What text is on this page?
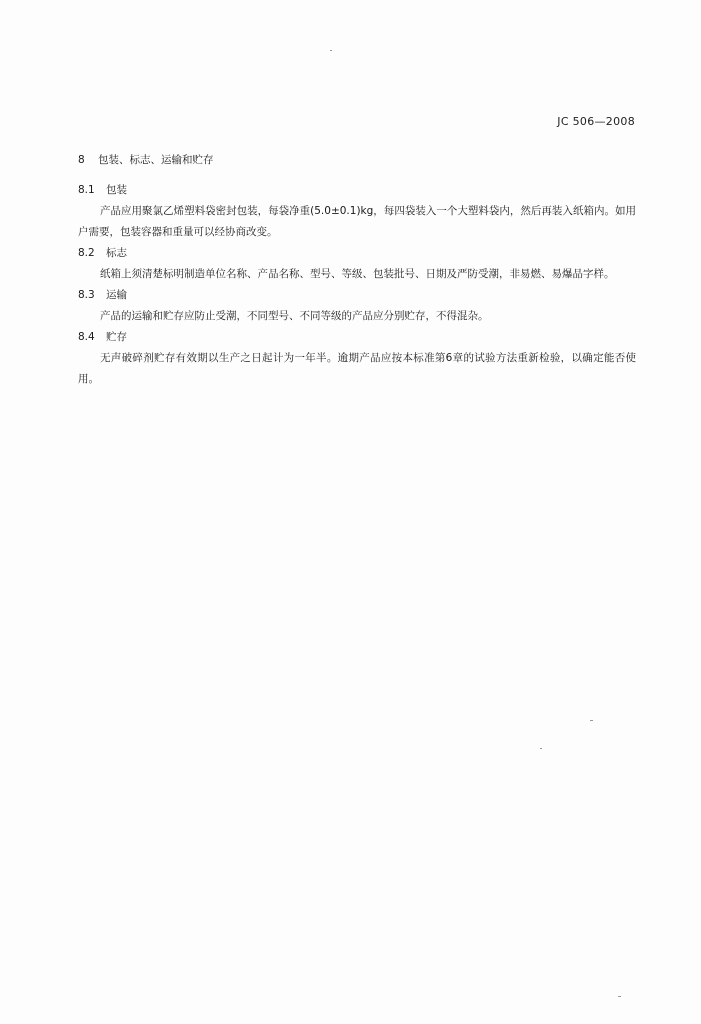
JC 506—2008
8 包装、标志、运输和贮存
8.1 包装

产品应用聚氯乙烯塑料袋密封包装，每袋净重(5.0±0.1)kg，每四袋装入一个大塑料袋内，然后再装入纸箱内。如用户需要，包装容器和重量可以经协商改变。

8.2 标志

纸箱上须清楚标明制造单位名称、产品名称、型号、等级、包装批号、日期及严防受潮，非易燃、易爆品字样。

8.3 运输

产品的运输和贮存应防止受潮，不同型号、不同等级的产品应分别贮存，不得混杂。

8.4 贮存

无声破碎剂贮存有效期以生产之日起计为一年半。逾期产品应按本标准第6章的试验方法重新检验，以确定能否使用。
